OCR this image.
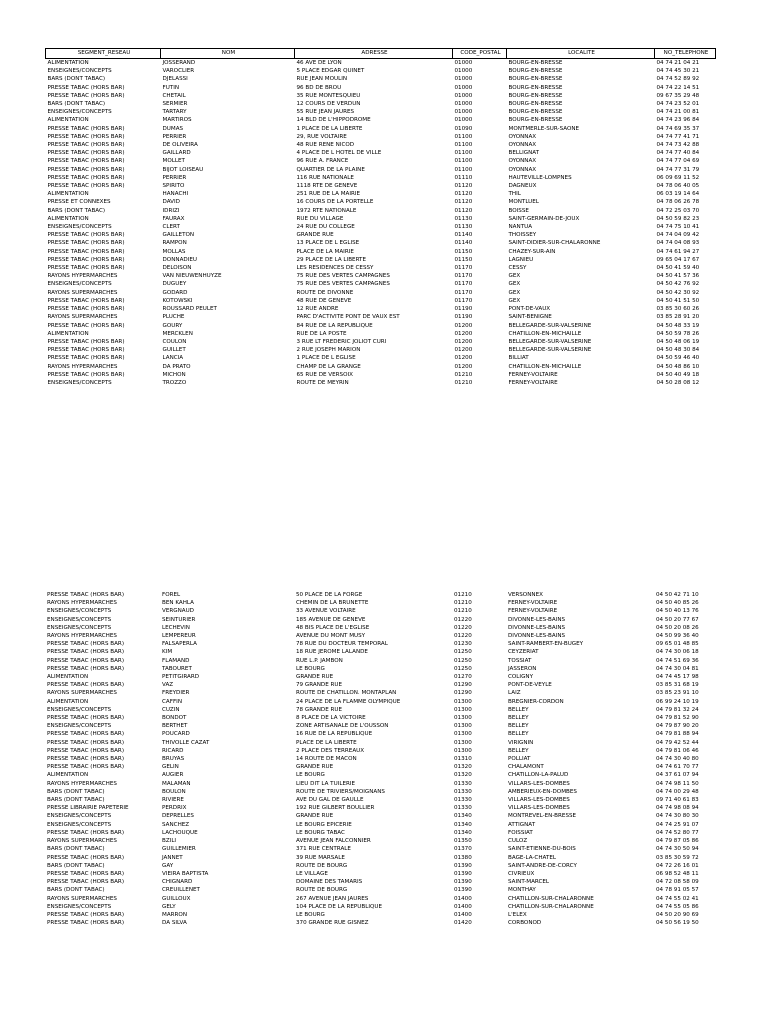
SEGMENT_RESEAU	NOM	ADRESSE	CODE_POSTAL	LOCALITE	NO_TELEPHONE
ALIMENTATION	JOSSERAND	46 AVE DE LYON	01000	BOURG-EN-BRESSE	04 74 21 04 21
ENSEIGNES/CONCEPTS	VAROCLIER	5 PLACE EDGAR QUINET	01000	BOURG-EN-BRESSE	04 74 45 30 21
BARS (DONT TABAC)	DJELASSI	RUE JEAN MOULIN	01000	BOURG-EN-BRESSE	04 74 52 89 92
PRESSE TABAC (HORS BAR)	FUTIN	96 BD DE BROU	01000	BOURG-EN-BRESSE	04 74 22 14 51
PRESSE TABAC (HORS BAR)	CHETAIL	35 RUE MONTESQUIEU	01000	BOURG-EN-BRESSE	09 67 35 29 48
BARS (DONT TABAC)	SERMIER	12 COURS DE VERDUN	01000	BOURG-EN-BRESSE	04 74 23 52 01
ENSEIGNES/CONCEPTS	TARTARY	55 RUE JEAN JAURES	01000	BOURG-EN-BRESSE	04 74 21 00 81
ALIMENTATION	MARTIROS	14 BLD DE L'HIPPODROME	01000	BOURG-EN-BRESSE	04 74 23 96 84
PRESSE TABAC (HORS BAR)	DUMAS	1 PLACE DE LA LIBERTE	01090	MONTMERLE-SUR-SAONE	04 74 69 35 37
PRESSE TABAC (HORS BAR)	PERRIER	29, RUE VOLTAIRE	01100	OYONNAX	04 74 77 41 71
PRESSE TABAC (HORS BAR)	DE OLIVEIRA	48 RUE RENE NICOD	01100	OYONNAX	04 74 73 42 88
PRESSE TABAC (HORS BAR)	GAILLARD	4 PLACE DE L HOTEL DE VILLE	01100	BELLIGNAT	04 74 77 40 84
PRESSE TABAC (HORS BAR)	MOLLET	96 RUE A. FRANCE	01100	OYONNAX	04 74 77 04 69
PRESSE TABAC (HORS BAR)	BIJOT LOISEAU	QUARTIER DE LA PLAINE	01100	OYONNAX	04 74 77 31 79
PRESSE TABAC (HORS BAR)	PERRIER	116 RUE NATIONALE	01110	HAUTEVILLE-LOMPNES	06 09 69 11 52
PRESSE TABAC (HORS BAR)	SPIRITO	1118 RTE DE GENEVE	01120	DAGNEUX	04 78 06 40 05
ALIMENTATION	HANACHI	251 RUE DE LA MAIRIE	01120	THIL	06 03 19 14 64
PRESSE ET CONNEXES	DAVID	16 COURS DE LA PORTELLE	01120	MONTLUEL	04 78 06 26 78
BARS (DONT TABAC)	IDRIZI	1972 RTE NATIONALE	01120	BOISSE	04 72 25 03 70
ALIMENTATION	FAURAX	RUE DU VILLAGE	01130	SAINT-GERMAIN-DE-JOUX	04 50 59 82 23
ENSEIGNES/CONCEPTS	CLERT	24 RUE DU COLLEGE	01130	NANTUA	04 74 75 10 41
PRESSE TABAC (HORS BAR)	GAILLETON	GRANDE RUE	01140	THOISSEY	04 74 04 09 42
PRESSE TABAC (HORS BAR)	RAMPON	13 PLACE DE L EGLISE	01140	SAINT-DIDIER-SUR-CHALARONNE	04 74 04 08 93
PRESSE TABAC (HORS BAR)	MOLLAS	PLACE DE LA MAIRIE	01150	CHAZEY-SUR-AIN	04 74 61 94 27
PRESSE TABAC (HORS BAR)	DONNADIEU	29 PLACE DE LA LIBERTE	01150	LAGNIEU	09 65 04 17 67
PRESSE TABAC (HORS BAR)	DELOISON	LES RESIDENCES DE CESSY	01170	CESSY	04 50 41 59 40
RAYONS HYPERMARCHES	VAN NIEUWENHUYZE	75 RUE DES VERTES CAMPAGNES	01170	GEX	04 50 41 57 36
ENSEIGNES/CONCEPTS	DUGUEY	75 RUE DES VERTES CAMPAGNES	01170	GEX	04 50 42 76 92
RAYONS SUPERMARCHES	GODARD	ROUTE DE DIVONNE	01170	GEX	04 50 42 30 92
PRESSE TABAC (HORS BAR)	KOTOWSKI	48 RUE DE GENEVE	01170	GEX	04 50 41 51 50
PRESSE TABAC (HORS BAR)	ROUSSARD PEULET	12 RUE ANDRE	01190	PONT-DE-VAUX	03 85 30 60 26
RAYONS SUPERMARCHES	PLUCHE	PARC D'ACTIVITE PONT DE VAUX EST	01190	SAINT-BENIGNE	03 85 28 91 20
PRESSE TABAC (HORS BAR)	GOURY	84 RUE DE LA REPUBLIQUE	01200	BELLEGARDE-SUR-VALSERINE	04 50 48 33 19
ALIMENTATION	MERCKLEN	RUE DE LA POSTE	01200	CHATILLON-EN-MICHAILLE	04 50 59 78 26
PRESSE TABAC (HORS BAR)	COULON	3 RUE LT FREDERIC JOLIOT CURI	01200	BELLEGARDE-SUR-VALSERINE	04 50 48 06 19
PRESSE TABAC (HORS BAR)	GUILLET	2 RUE JOSEPH MARION	01200	BELLEGARDE-SUR-VALSERINE	04 50 48 30 84
PRESSE TABAC (HORS BAR)	LANCIA	1 PLACE DE L EGLISE	01200	BILLIAT	04 50 59 46 40
RAYONS HYPERMARCHES	DA PRATO	CHAMP DE LA GRANGE	01200	CHATILLON-EN-MICHAILLE	04 50 48 86 10
PRESSE TABAC (HORS BAR)	MICHON	65 RUE DE VERSOIX	01210	FERNEY-VOLTAIRE	04 50 40 49 18
ENSEIGNES/CONCEPTS	TROZZO	ROUTE DE MEYRIN	01210	FERNEY-VOLTAIRE	04 50 28 08 12
PRESSE TABAC (HORS BAR)	FOREL	50 PLACE DE LA FORGE	01210	VERSONNEX	04 50 42 71 10
RAYONS HYPERMARCHES	BEN KAHLA	CHEMIN DE LA BRUNETTE	01210	FERNEY-VOLTAIRE	04 50 40 85 26
ENSEIGNES/CONCEPTS	VERGNAUD	33 AVENUE VOLTAIRE	01210	FERNEY-VOLTAIRE	04 50 40 13 76
ENSEIGNES/CONCEPTS	SEINTURIER	185 AVENUE DE GENEVE	01220	DIVONNE-LES-BAINS	04 50 20 77 67
ENSEIGNES/CONCEPTS	LECHEVIN	48 BIS PLACE DE L'EGLISE	01220	DIVONNE-LES-BAINS	04 50 20 08 26
RAYONS HYPERMARCHES	LEMPEREUR	AVENUE DU MONT MUSY	01220	DIVONNE-LES-BAINS	04 50 99 36 40
PRESSE TABAC (HORS BAR)	FALSAPERLA	78 RUE DU DOCTEUR TEMPORAL	01230	SAINT-RAMBERT-EN-BUGEY	09 65 01 48 85
PRESSE TABAC (HORS BAR)	KIM	18 RUE JEROME LALANDE	01250	CEYZERIAT	04 74 30 06 18
PRESSE TABAC (HORS BAR)	FLAMAND	RUE L.P. JAMBON	01250	TOSSIAT	04 74 51 69 36
PRESSE TABAC (HORS BAR)	TABOURET	LE BOURG	01250	JASSERON	04 74 30 04 81
ALIMENTATION	PETITGIRARD	GRANDE RUE	01270	COLIGNY	04 74 45 17 98
PRESSE TABAC (HORS BAR)	VAZ	79 GRANDE RUE	01290	PONT-DE-VEYLE	03 85 31 68 19
RAYONS SUPERMARCHES	FREYDIER	ROUTE DE CHATILLON. MONTAPLAN	01290	LAIZ	03 85 23 91 10
ALIMENTATION	CAFFIN	24 PLACE DE LA FLAMME OLYMPIQUE	01300	BREGNIER-CORDON	06 99 24 10 19
ENSEIGNES/CONCEPTS	CUZIN	78 GRANDE RUE	01300	BELLEY	04 79 81 32 24
PRESSE TABAC (HORS BAR)	BONDOT	8 PLACE DE LA VICTOIRE	01300	BELLEY	04 79 81 52 90
ENSEIGNES/CONCEPTS	BERTHET	ZONE ARTISANALE DE L'OUSSON	01300	BELLEY	04 79 87 90 20
PRESSE TABAC (HORS BAR)	POUCARD	16 RUE DE LA REPUBLIQUE	01300	BELLEY	04 79 81 88 94
PRESSE TABAC (HORS BAR)	THIVOLLE CAZAT	PLACE DE LA LIBERTE	01300	VIRIGNIN	04 79 42 52 44
PRESSE TABAC (HORS BAR)	RICARD	2 PLACE DES TERREAUX	01300	BELLEY	04 79 81 06 46
PRESSE TABAC (HORS BAR)	BRUYAS	14 ROUTE DE MACON	01310	POLLIAT	04 74 30 40 80
PRESSE TABAC (HORS BAR)	GELIN	GRANDE RUE	01320	CHALAMONT	04 74 61 70 77
ALIMENTATION	AUGIER	LE BOURG	01320	CHATILLON-LA-PALUD	04 37 61 07 94
RAYONS HYPERMARCHES	MALAMAN	LIEU DIT LA TUILERIE	01330	VILLARS-LES-DOMBES	04 74 98 11 50
BARS (DONT TABAC)	BOULON	ROUTE DE TRIVIERS/MOIGNANS	01330	AMBERIEUX-EN-DOMBES	04 74 00 29 48
BARS (DONT TABAC)	RIVIERE	AVE DU GAL DE GAULLE	01330	VILLARS-LES-DOMBES	09 71 40 61 83
PRESSE LIBRAIRIE PAPETERIE	PERDRIX	192 RUE GILBERT BOULLIER	01330	VILLARS-LES-DOMBES	04 74 98 08 94
ENSEIGNES/CONCEPTS	DEPRELLES	GRANDE RUE	01340	MONTREVEL-EN-BRESSE	04 74 30 80 30
ENSEIGNES/CONCEPTS	SANCHEZ	LE BOURG EPICERIE	01340	ATTIGNAT	04 74 25 91 07
PRESSE TABAC (HORS BAR)	LACHOUQUE	LE BOURG TABAC	01340	FOISSIAT	04 74 52 80 77
RAYONS SUPERMARCHES	BZILI	AVENUE JEAN FALCONNIER	01350	CULOZ	04 79 87 05 86
BARS (DONT TABAC)	GUILLEMIER	371 RUE CENTRALE	01370	SAINT-ETIENNE-DU-BOIS	04 74 30 50 94
PRESSE TABAC (HORS BAR)	JANNET	39 RUE MARSALE	01380	BAGE-LA-CHATEL	03 85 30 59 72
BARS (DONT TABAC)	GAY	ROUTE DE BOURG	01390	SAINT-ANDRE-DE-CORCY	04 72 26 16 01
PRESSE TABAC (HORS BAR)	VIEIRA BAPTISTA	LE VILLAGE	01390	CIVRIEUX	06 98 52 48 11
PRESSE TABAC (HORS BAR)	CHIGNARD	DOMAINE DES TAMARIS	01390	SAINT-MARCEL	04 72 08 58 09
BARS (DONT TABAC)	CREUILLENET	ROUTE DE BOURG	01390	MONTHAY	04 78 91 05 57
RAYONS SUPERMARCHES	GUILLOUX	267 AVENUE JEAN JAURES	01400	CHATILLON-SUR-CHALARONNE	04 74 55 02 41
ENSEIGNES/CONCEPTS	GELY	104 PLACE DE LA REPUBLIQUE	01400	CHATILLON-SUR-CHALARONNE	04 74 55 05 86
PRESSE TABAC (HORS BAR)	MARRON	LE BOURG	01400	L'ELEX	04 50 20 90 69
PRESSE TABAC (HORS BAR)	DA SILVA	370 GRANDE RUE GISNEZ	01420	CORBONOD	04 50 56 19 50
